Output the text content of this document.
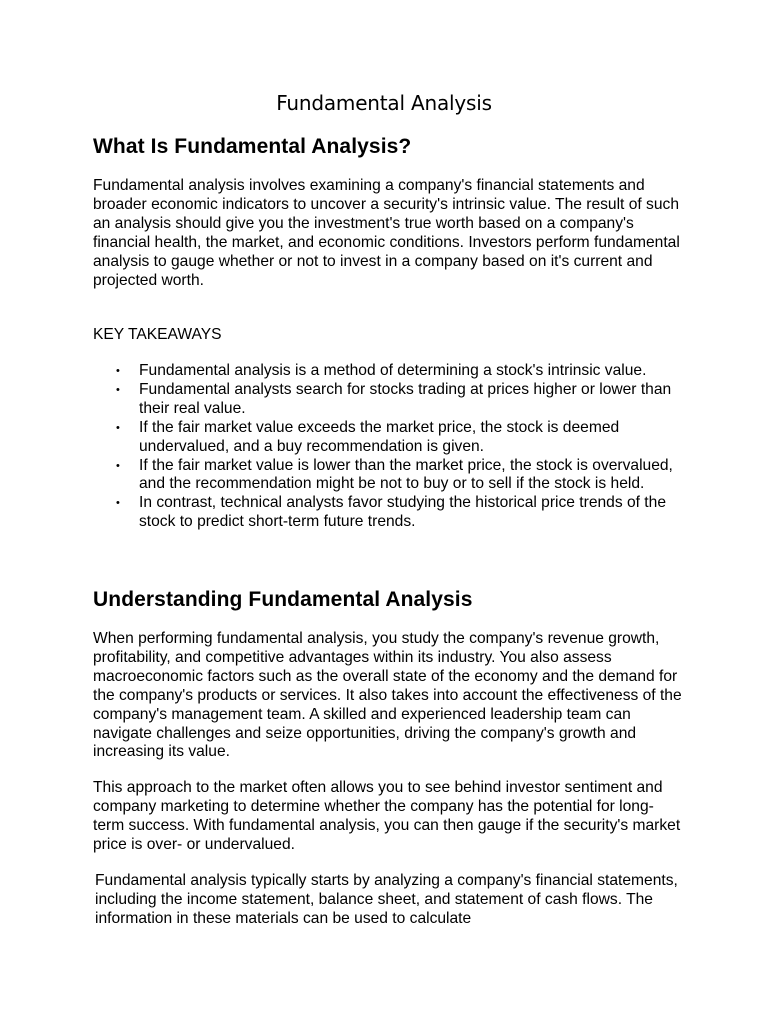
Fundamental Analysis
What Is Fundamental Analysis?

Fundamental analysis involves examining a company's financial statements and broader economic indicators to uncover a security's intrinsic value. The result of such an analysis should give you the investment's true worth based on a company's financial health, the market, and economic conditions. Investors perform fundamental analysis to gauge whether or not to invest in a company based on it's current and projected worth.

KEY TAKEAWAYS

• Fundamental analysis is a method of determining a stock's intrinsic value.
• Fundamental analysts search for stocks trading at prices higher or lower than their real value.
• If the fair market value exceeds the market price, the stock is deemed undervalued, and a buy recommendation is given.
• If the fair market value is lower than the market price, the stock is overvalued, and the recommendation might be not to buy or to sell if the stock is held.
• In contrast, technical analysts favor studying the historical price trends of the stock to predict short-term future trends.
Understanding Fundamental Analysis

When performing fundamental analysis, you study the company's revenue growth, profitability, and competitive advantages within its industry. You also assess macroeconomic factors such as the overall state of the economy and the demand for the company's products or services. It also takes into account the effectiveness of the company's management team. A skilled and experienced leadership team can navigate challenges and seize opportunities, driving the company's growth and increasing its value.

This approach to the market often allows you to see behind investor sentiment and company marketing to determine whether the company has the potential for long-term success. With fundamental analysis, you can then gauge if the security's market price is over- or undervalued.

Fundamental analysis typically starts by analyzing a company's financial statements, including the income statement, balance sheet, and statement of cash flows. The information in these materials can be used to calculate
